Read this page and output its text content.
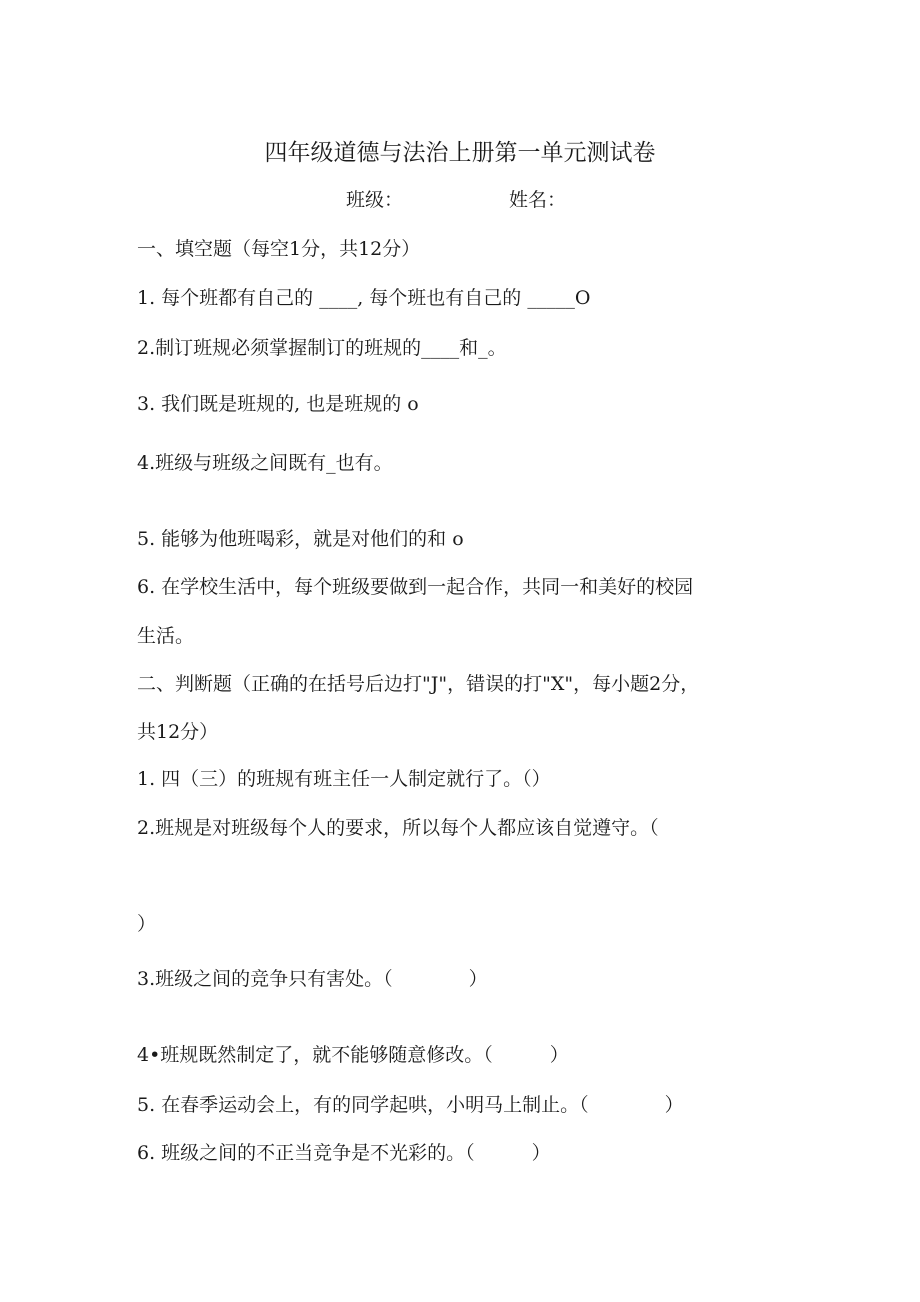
四年级道德与法治上册第一单元测试卷
班级：	姓名：
一、填空题（每空1分，共12分）
1. 每个班都有自己的 ____, 每个班也有自己的 _____O
2.制订班规必须掌握制订的班规的____和_。
3. 我们既是班规的, 也是班规的 o
4.班级与班级之间既有_也有。
5. 能够为他班喝彩，就是对他们的和 o
6. 在学校生活中，每个班级要做到一起合作，共同一和美好的校园
生活。
二、判断题（正确的在括号后边打"J"，错误的打"X"，每小题2分，
共12分）
1. 四（三）的班规有班主任一人制定就行了。（）
2.班规是对班级每个人的要求，所以每个人都应该自觉遵守。（
）
3.班级之间的竞争只有害处。（　　　　）
4•班规既然制定了，就不能够随意修改。（　　　）
5. 在春季运动会上，有的同学起哄，小明马上制止。（　　　　）
6. 班级之间的不正当竞争是不光彩的。（　　　）
